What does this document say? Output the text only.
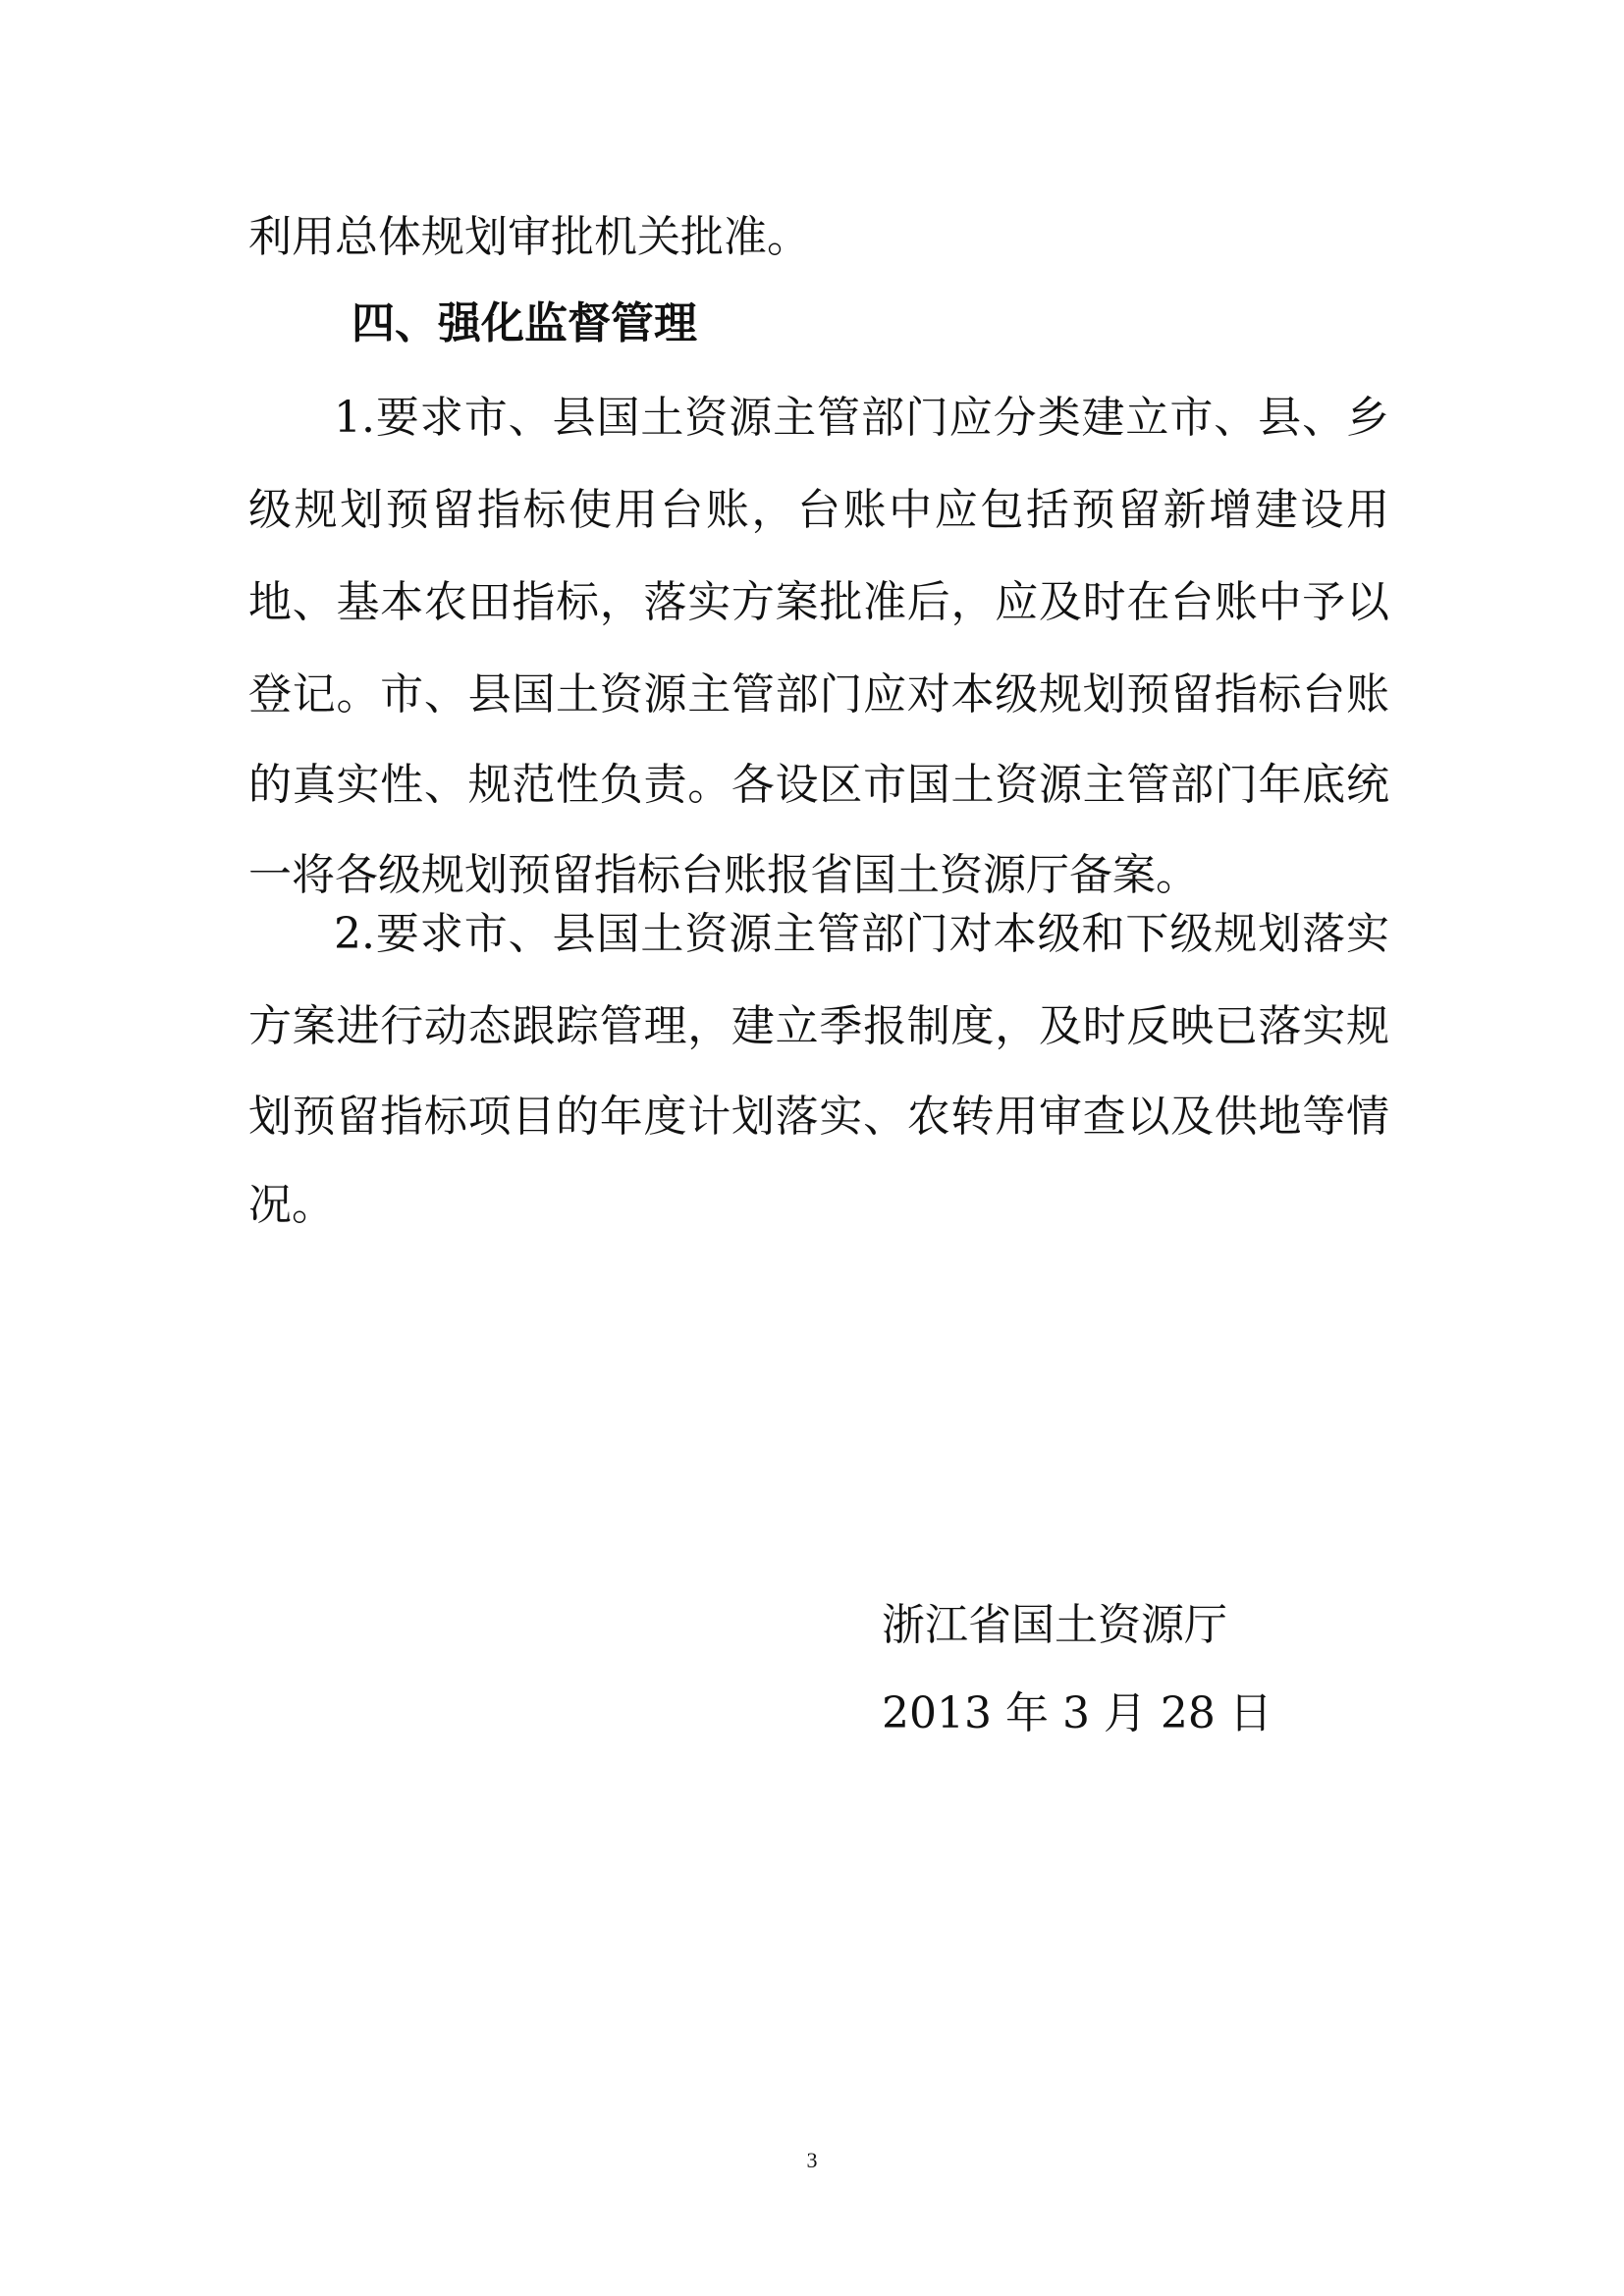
利用总体规划审批机关批准。
四、强化监督管理
1.要求市、县国土资源主管部门应分类建立市、县、乡
级规划预留指标使用台账，台账中应包括预留新增建设用
地、基本农田指标，落实方案批准后，应及时在台账中予以
登记。市、县国土资源主管部门应对本级规划预留指标台账
的真实性、规范性负责。各设区市国土资源主管部门年底统
一将各级规划预留指标台账报省国土资源厅备案。
2.要求市、县国土资源主管部门对本级和下级规划落实
方案进行动态跟踪管理，建立季报制度，及时反映已落实规
划预留指标项目的年度计划落实、农转用审查以及供地等情
况。
浙江省国土资源厅
2013 年 3 月 28 日
3
